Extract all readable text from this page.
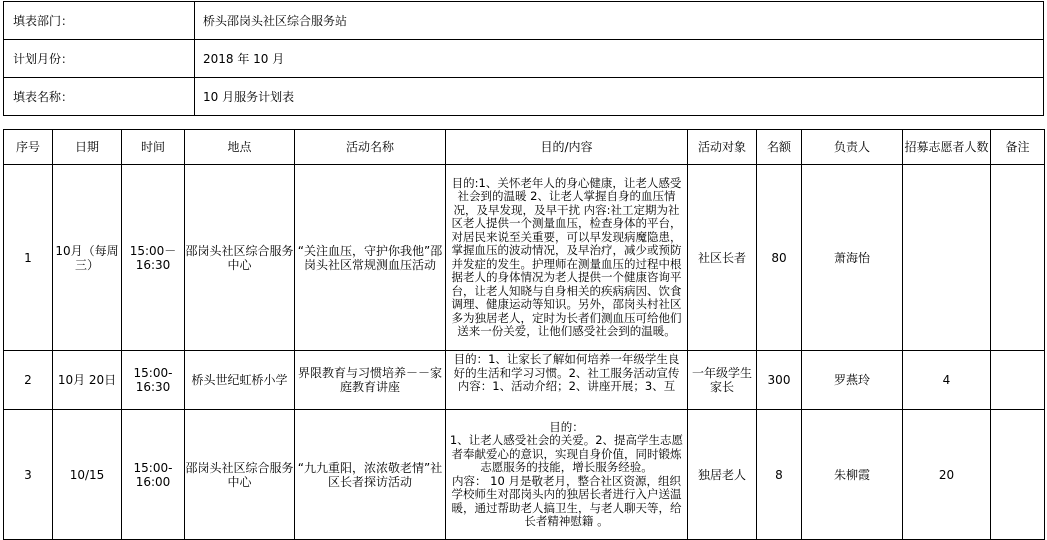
填表部门：	桥头邵岗头社区综合服务站
计划月份：	2018 年 10 月
填表名称：	10 月服务计划表
序号	日期	时间	地点	活动名称	目的/内容	活动对象	名额	负责人	招募志愿者人数	备注
1	10月（每周三）	15:00－16:30	邵岗头社区综合服务中心	“关注血压，守护你我他”邵岗头社区常规测血压活动	目的:1、关怀老年人的身心健康，让老人感受社会到的温暖 2、让老人掌握自身的血压情况，及早发现，及早干扰 内容:社工定期为社区老人提供一个测量血压，检查身体的平台，对居民来说至关重要，可以早发现病魔隐患，掌握血压的波动情况，及早治疗，减少或预防并发症的发生。护理师在测量血压的过程中根据老人的身体情况为老人提供一个健康咨询平台，让老人知晓与自身相关的疾病病因、饮食调理、健康运动等知识。另外，邵岗头村社区多为独居老人，定时为长者们测血压可给他们送来一份关爱，让他们感受社会到的温暖。	社区长者	80	萧海怡		
2	10月 20日	15:00-16:30	桥头世纪虹桥小学	界限教育与习惯培养－－家庭教育讲座	目的：1、让家长了解如何培养一年级学生良好的生活和学习习惯。2、社工服务活动宣传
内容：1、活动介绍；2、讲座开展；3、互	一年级学生家长	300	罗燕玲	4	
3	10/15	15:00-16:00	邵岗头社区综合服务中心	“九九重阳，浓浓敬老情”社区长者探访活动	目的：
1、让老人感受社会的关爱。2、提高学生志愿者奉献爱心的意识，实现自身价值，同时锻炼志愿服务的技能，增长服务经验。
内容： 10 月是敬老月，整合社区资源，组织学校师生对邵岗头内的独居长者进行入户送温暖，通过帮助老人搞卫生，与老人聊天等，给长者精神慰籍 。	独居老人	8	朱柳霞	20	
